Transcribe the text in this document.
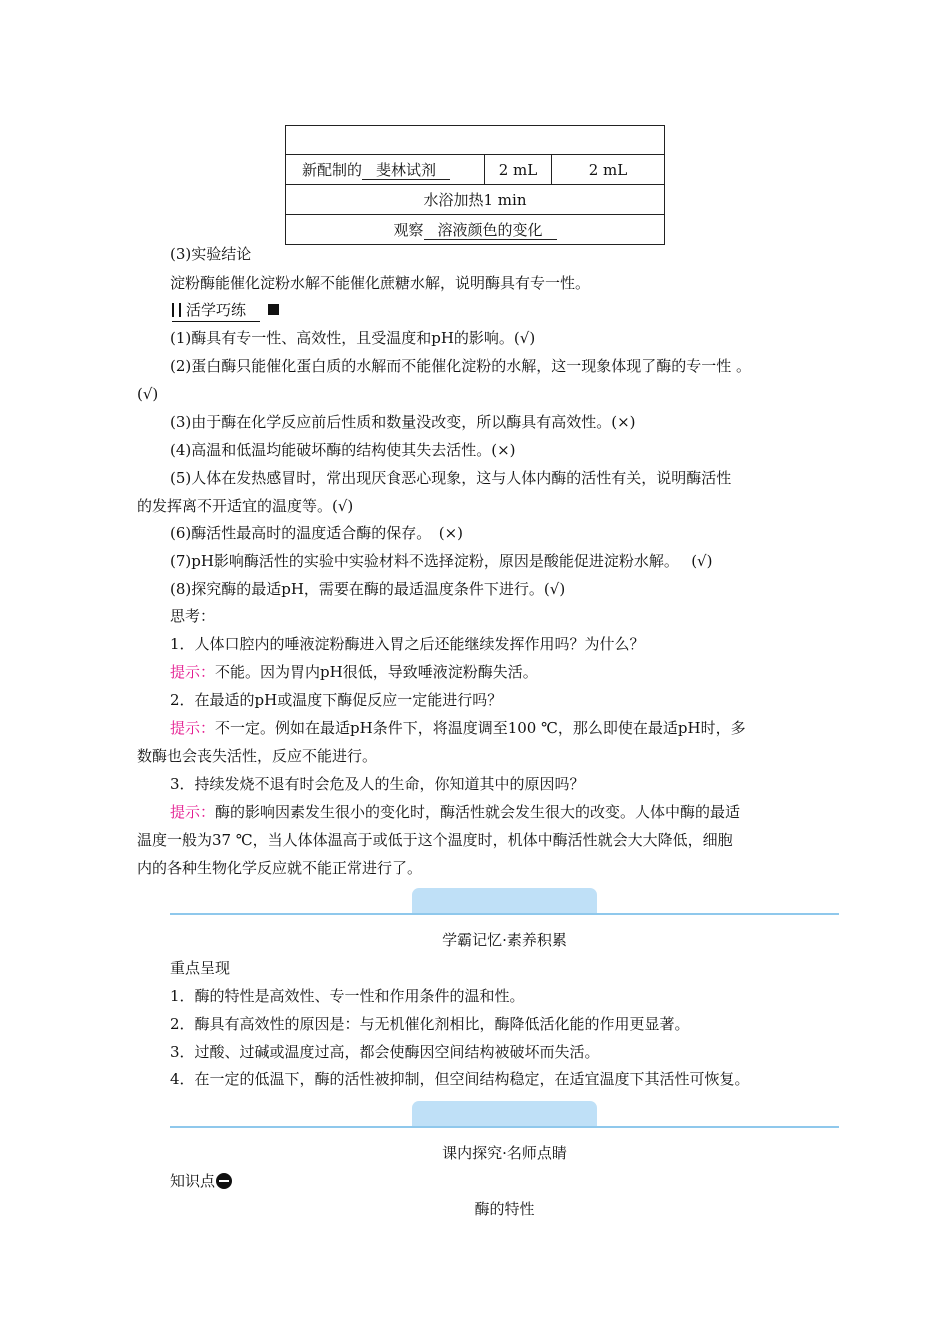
新配制的 斐林试剂	2 mL	2 mL
水浴加热1 min
观察 溶液颜色的变化
(3)实验结论
淀粉酶能催化淀粉水解不能催化蔗糖水解，说明酶具有专一性。
活学巧练
(1)酶具有专一性、高效性，且受温度和pH的影响。(√)
(2)蛋白酶只能催化蛋白质的水解而不能催化淀粉的水解，这一现象体现了酶的专一性 。
(√)
(3)由于酶在化学反应前后性质和数量没改变，所以酶具有高效性。(×)
(4)高温和低温均能破坏酶的结构使其失去活性。(×)
(5)人体在发热感冒时，常出现厌食恶心现象，这与人体内酶的活性有关，说明酶活性
的发挥离不开适宜的温度等。(√)
(6)酶活性最高时的温度适合酶的保存。　(×)
(7)pH影响酶活性的实验中实验材料不选择淀粉，原因是酸能促进淀粉水解。　 (√)
(8)探究酶的最适pH，需要在酶的最适温度条件下进行。(√)
思考：
1．人体口腔内的唾液淀粉酶进入胃之后还能继续发挥作用吗？为什么？
提示：不能。因为胃内pH很低，导致唾液淀粉酶失活。
2．在最适的pH或温度下酶促反应一定能进行吗？
提示：不一定。例如在最适pH条件下，将温度调至100 ℃，那么即使在最适pH时，多
数酶也会丧失活性，反应不能进行。
3．持续发烧不退有时会危及人的生命，你知道其中的原因吗？
提示：酶的影响因素发生很小的变化时，酶活性就会发生很大的改变。人体中酶的最适
温度一般为37 ℃，当人体体温高于或低于这个温度时，机体中酶活性就会大大降低，细胞
内的各种生物化学反应就不能正常进行了。
学霸记忆·素养积累
重点呈现
1．酶的特性是高效性、专一性和作用条件的温和性。
2．酶具有高效性的原因是：与无机催化剂相比，酶降低活化能的作用更显著。
3．过酸、过碱或温度过高，都会使酶因空间结构被破坏而失活。
4．在一定的低温下，酶的活性被抑制，但空间结构稳定，在适宜温度下其活性可恢复。
课内探究·名师点睛
知识点
酶的特性
